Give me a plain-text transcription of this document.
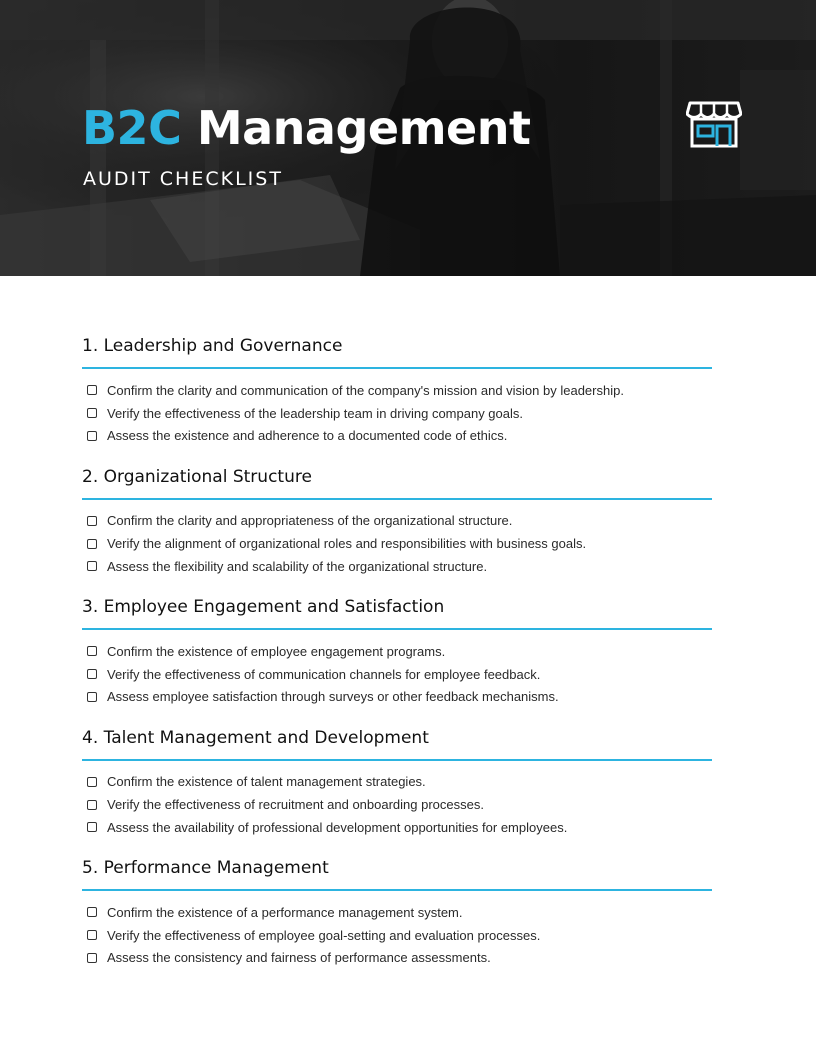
B2C Management

AUDIT CHECKLIST

1. Leadership and Governance
Confirm the clarity and communication of the company's mission and vision by leadership.
Verify the effectiveness of the leadership team in driving company goals.
Assess the existence and adherence to a documented code of ethics.
2. Organizational Structure
Confirm the clarity and appropriateness of the organizational structure.
Verify the alignment of organizational roles and responsibilities with business goals.
Assess the flexibility and scalability of the organizational structure.
3. Employee Engagement and Satisfaction
Confirm the existence of employee engagement programs.
Verify the effectiveness of communication channels for employee feedback.
Assess employee satisfaction through surveys or other feedback mechanisms.
4. Talent Management and Development
Confirm the existence of talent management strategies.
Verify the effectiveness of recruitment and onboarding processes.
Assess the availability of professional development opportunities for employees.
5. Performance Management
Confirm the existence of a performance management system.
Verify the effectiveness of employee goal-setting and evaluation processes.
Assess the consistency and fairness of performance assessments.
